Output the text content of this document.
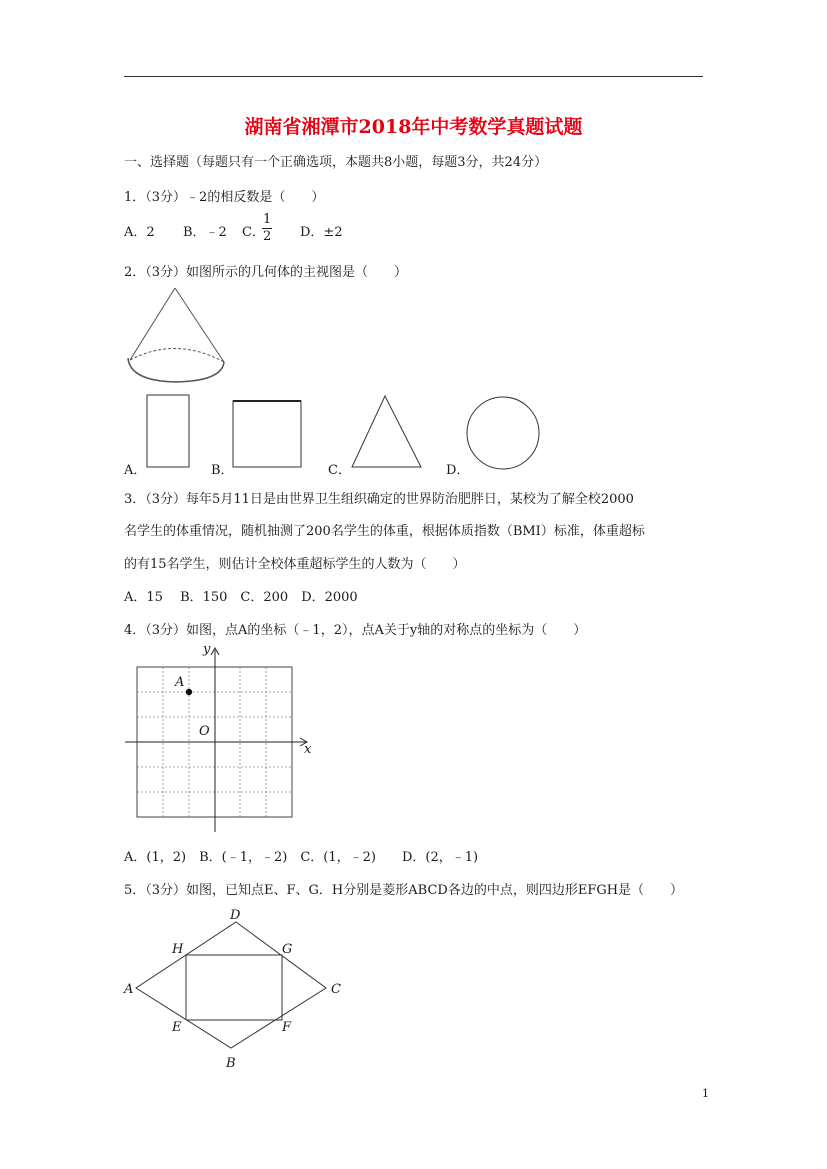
湖南省湘潭市2018年中考数学真题试题
一、选择题（每题只有一个正确选项，本题共8小题，每题3分，共24分）
1．（3分）﹣2的相反数是（　　）
A．2 B．﹣2 C．
1
2 D．±2
2．（3分）如图所示的几何体的主视图是（　　）
A．	B．	C．	D．
3．（3分）每年5月11日是由世界卫生组织确定的世界防治肥胖日，某校为了解全校2000
名学生的体重情况，随机抽测了200名学生的体重，根据体质指数（BMI）标准，体重超标
的有15名学生，则估计全校体重超标学生的人数为（　　）
A．15　 B．150　C．200　D．2000
4．（3分）如图，点A的坐标（﹣1，2），点A关于y轴的对称点的坐标为（　　）
y
x
O
A
A．(1，2)　B．(﹣1，﹣2)　C．(1，﹣2)　　D．(2，﹣1)
5．（3分）如图，已知点E、F、G．H分别是菱形ABCD各边的中点，则四边形EFGH是（　　）
D
H	G
A	C
E	F
B
1
